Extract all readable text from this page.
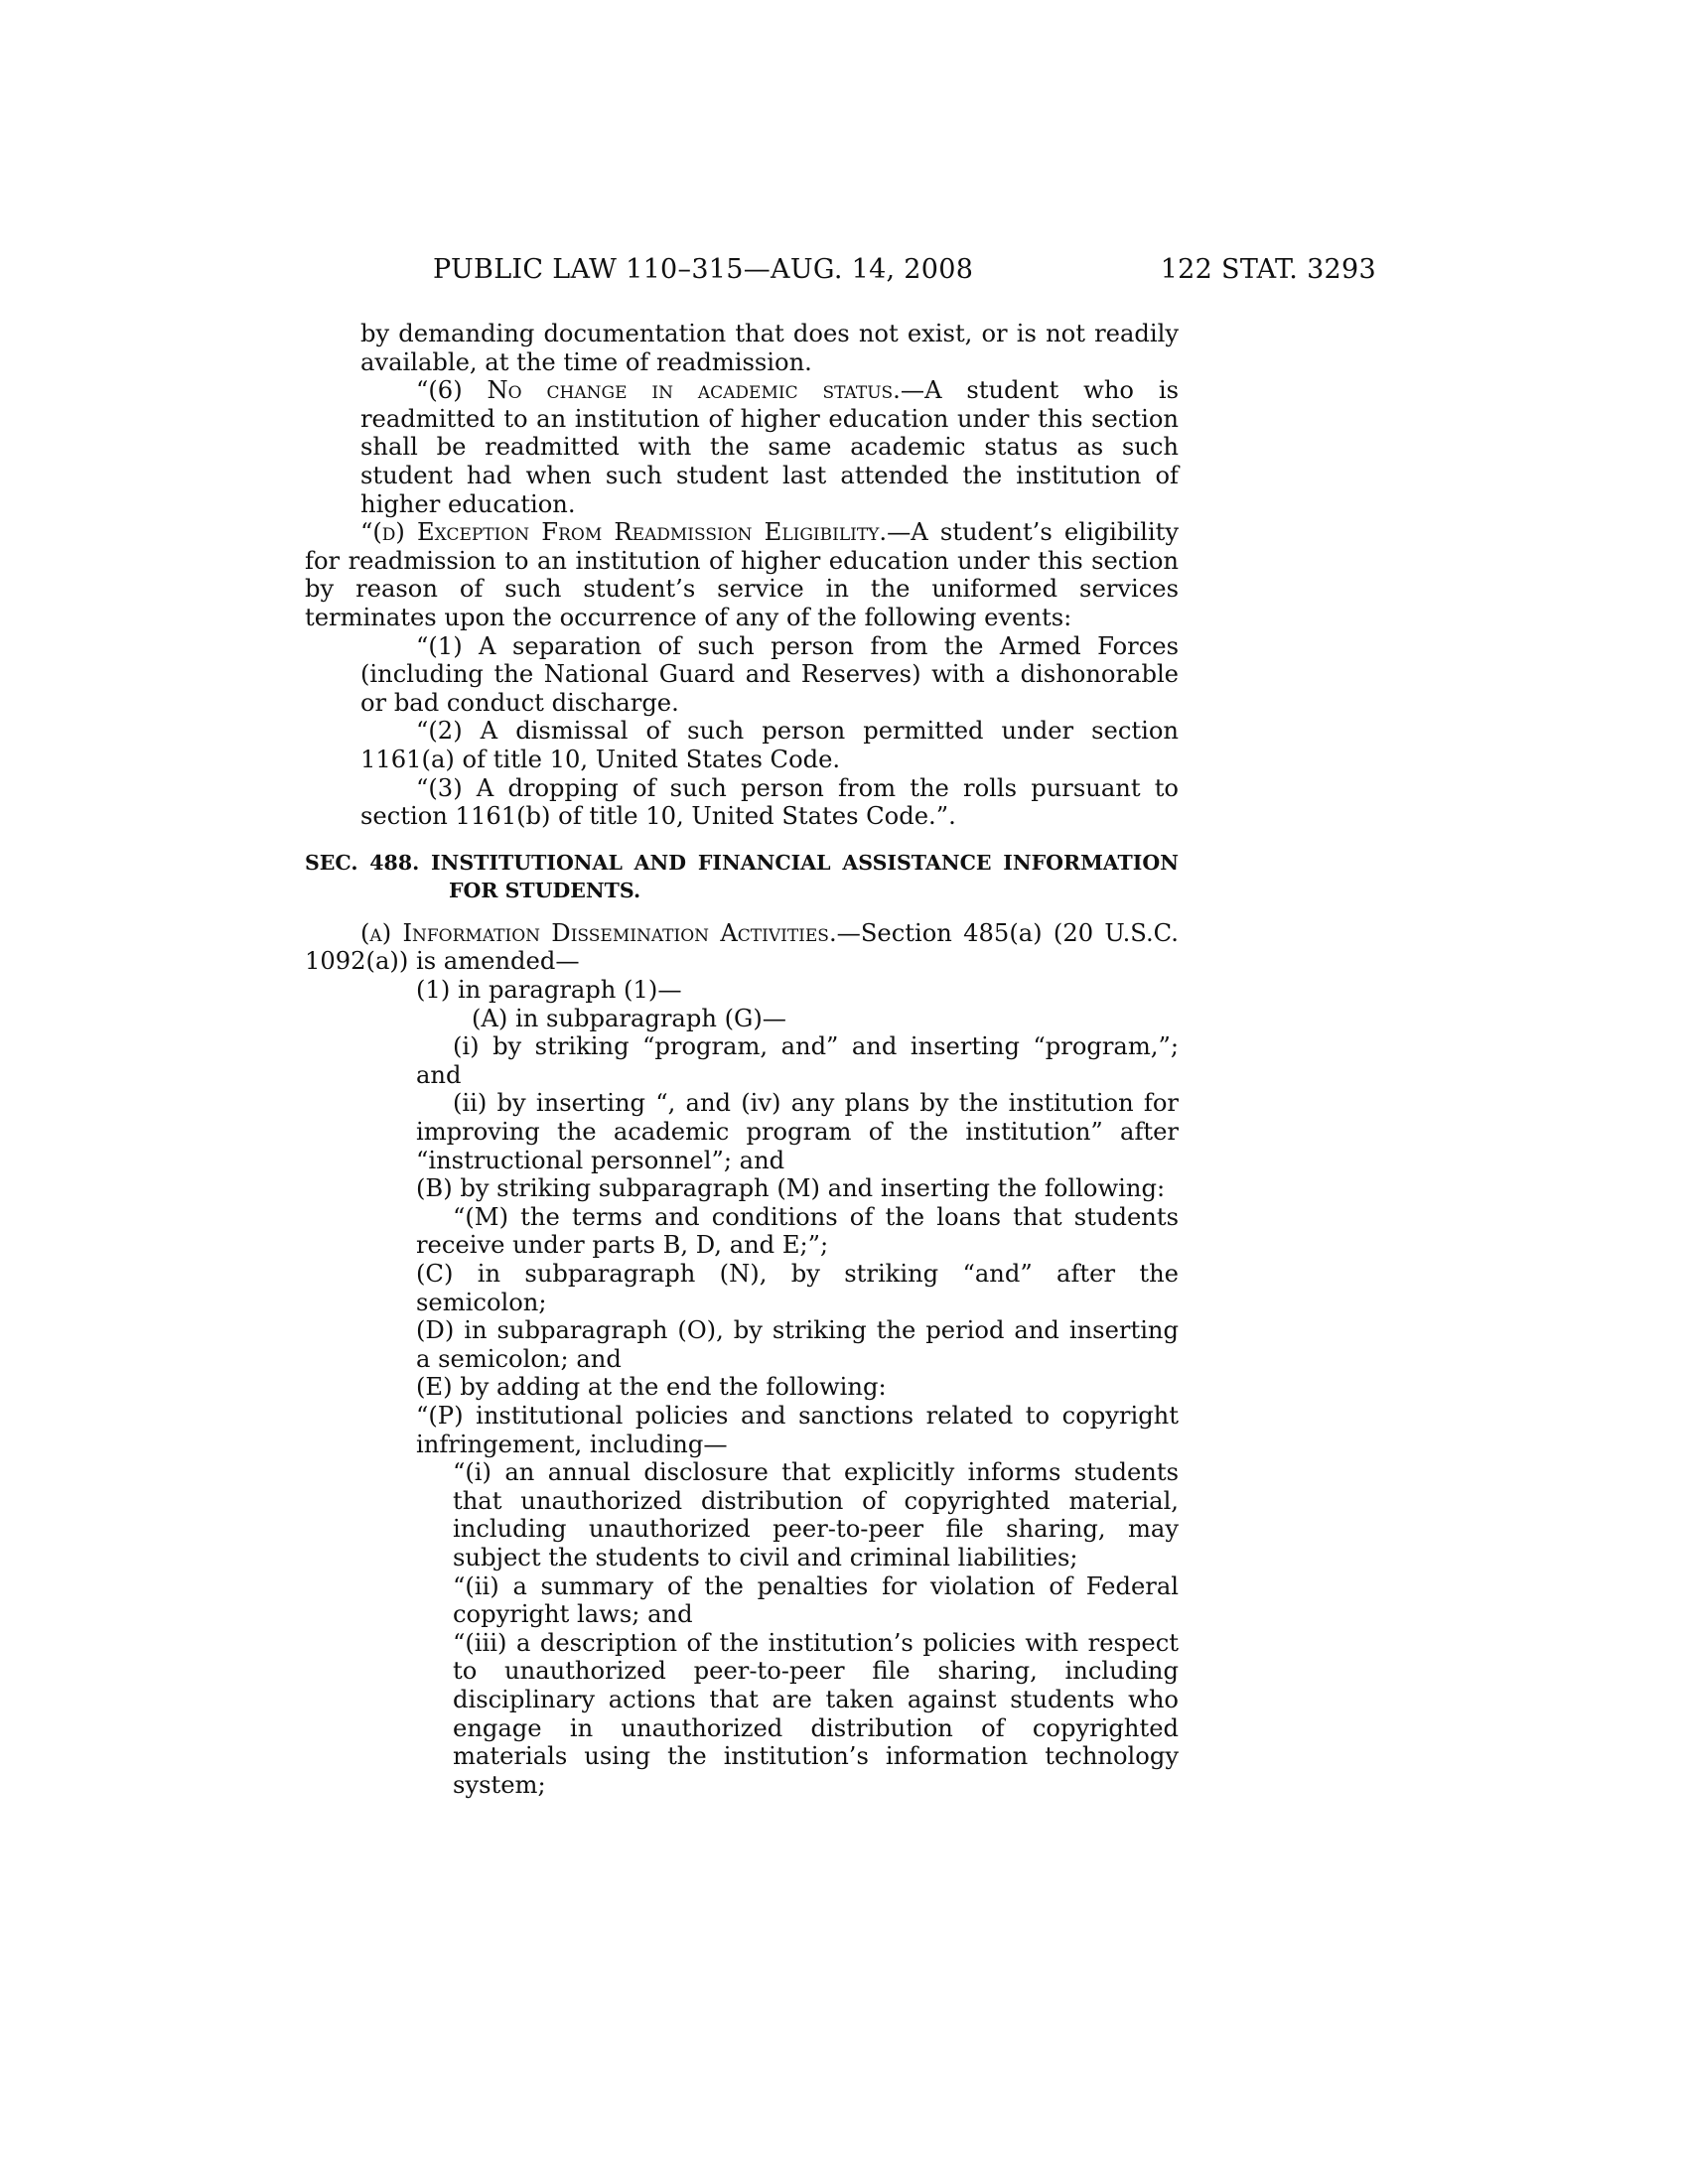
PUBLIC LAW 110–315—AUG. 14, 2008	122 STAT. 3293

by demanding documentation that does not exist, or is not readily available, at the time of readmission.

“(6) No change in academic status.—A student who is readmitted to an institution of higher education under this section shall be readmitted with the same academic status as such student had when such student last attended the institution of higher education.

“(d) Exception From Readmission Eligibility.—A student’s eligibility for readmission to an institution of higher education under this section by reason of such student’s service in the uniformed services terminates upon the occurrence of any of the following events:

“(1) A separation of such person from the Armed Forces (including the National Guard and Reserves) with a dishonorable or bad conduct discharge.

“(2) A dismissal of such person permitted under section 1161(a) of title 10, United States Code.

“(3) A dropping of such person from the rolls pursuant to section 1161(b) of title 10, United States Code.”.

SEC. 488. INSTITUTIONAL AND FINANCIAL ASSISTANCE INFORMATION FOR STUDENTS.

(a) Information Dissemination Activities.—Section 485(a) (20 U.S.C. 1092(a)) is amended—

(1) in paragraph (1)—

(A) in subparagraph (G)—

(i) by striking “program, and” and inserting “program,”; and

(ii) by inserting “, and (iv) any plans by the institution for improving the academic program of the institution” after “instructional personnel”; and

(B) by striking subparagraph (M) and inserting the following:

“(M) the terms and conditions of the loans that students receive under parts B, D, and E;”;

(C) in subparagraph (N), by striking “and” after the semicolon;

(D) in subparagraph (O), by striking the period and inserting a semicolon; and

(E) by adding at the end the following:

“(P) institutional policies and sanctions related to copyright infringement, including—

“(i) an annual disclosure that explicitly informs students that unauthorized distribution of copyrighted material, including unauthorized peer-to-peer file sharing, may subject the students to civil and criminal liabilities;

“(ii) a summary of the penalties for violation of Federal copyright laws; and

“(iii) a description of the institution’s policies with respect to unauthorized peer-to-peer file sharing, including disciplinary actions that are taken against students who engage in unauthorized distribution of copyrighted materials using the institution’s information technology system;
